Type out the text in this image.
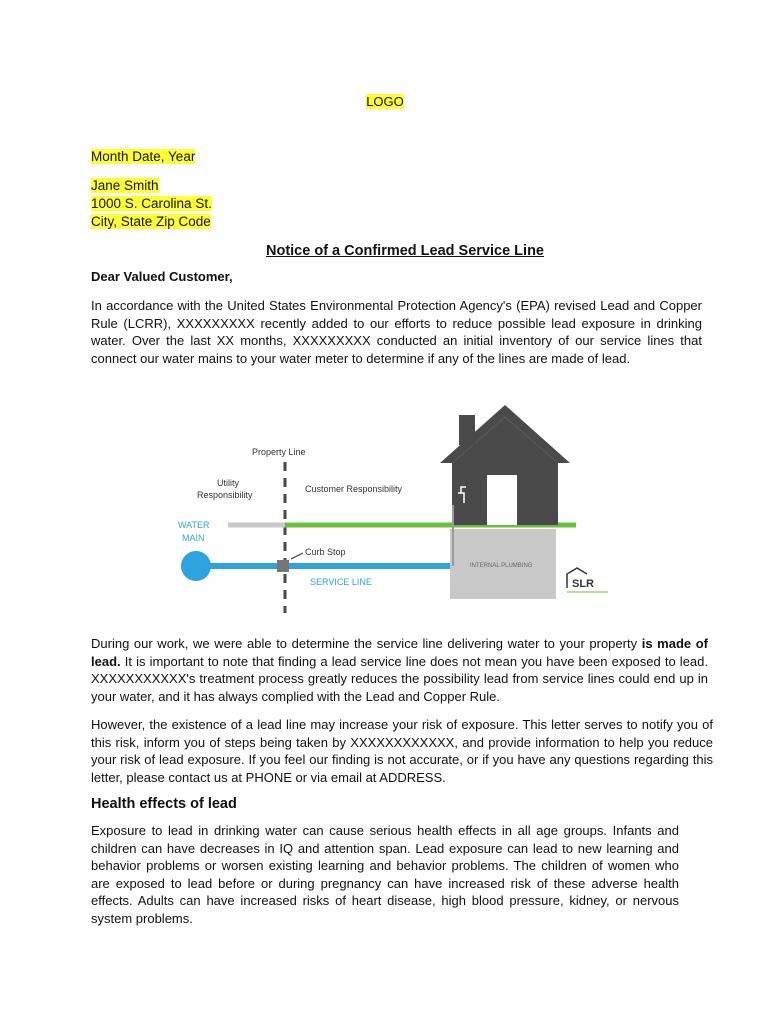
LOGO
Month Date, Year
Jane Smith
1000 S. Carolina St.
City, State Zip Code
Notice of a Confirmed Lead Service Line
Dear Valued Customer,
In accordance with the United States Environmental Protection Agency's (EPA) revised Lead and Copper Rule (LCRR), XXXXXXXXX recently added to our efforts to reduce possible lead exposure in drinking water. Over the last XX months, XXXXXXXXX conducted an initial inventory of our service lines that connect our water mains to your water meter to determine if any of the lines are made of lead.
Property Line
Utility
Responsibility
Customer Responsibility
WATER
MAIN
Curb Stop
SERVICE LINE
INTERNAL PLUMBING
SLR
During our work, we were able to determine the service line delivering water to your property is made of lead. It is important to note that finding a lead service line does not mean you have been exposed to lead. XXXXXXXXXXX's treatment process greatly reduces the possibility lead from service lines could end up in your water, and it has always complied with the Lead and Copper Rule.
However, the existence of a lead line may increase your risk of exposure. This letter serves to notify you of this risk, inform you of steps being taken by XXXXXXXXXXXX, and provide information to help you reduce your risk of lead exposure. If you feel our finding is not accurate, or if you have any questions regarding this letter, please contact us at PHONE or via email at ADDRESS.
Health effects of lead
Exposure to lead in drinking water can cause serious health effects in all age groups. Infants and children can have decreases in IQ and attention span. Lead exposure can lead to new learning and behavior problems or worsen existing learning and behavior problems. The children of women who are exposed to lead before or during pregnancy can have increased risk of these adverse health effects. Adults can have increased risks of heart disease, high blood pressure, kidney, or nervous system problems.
